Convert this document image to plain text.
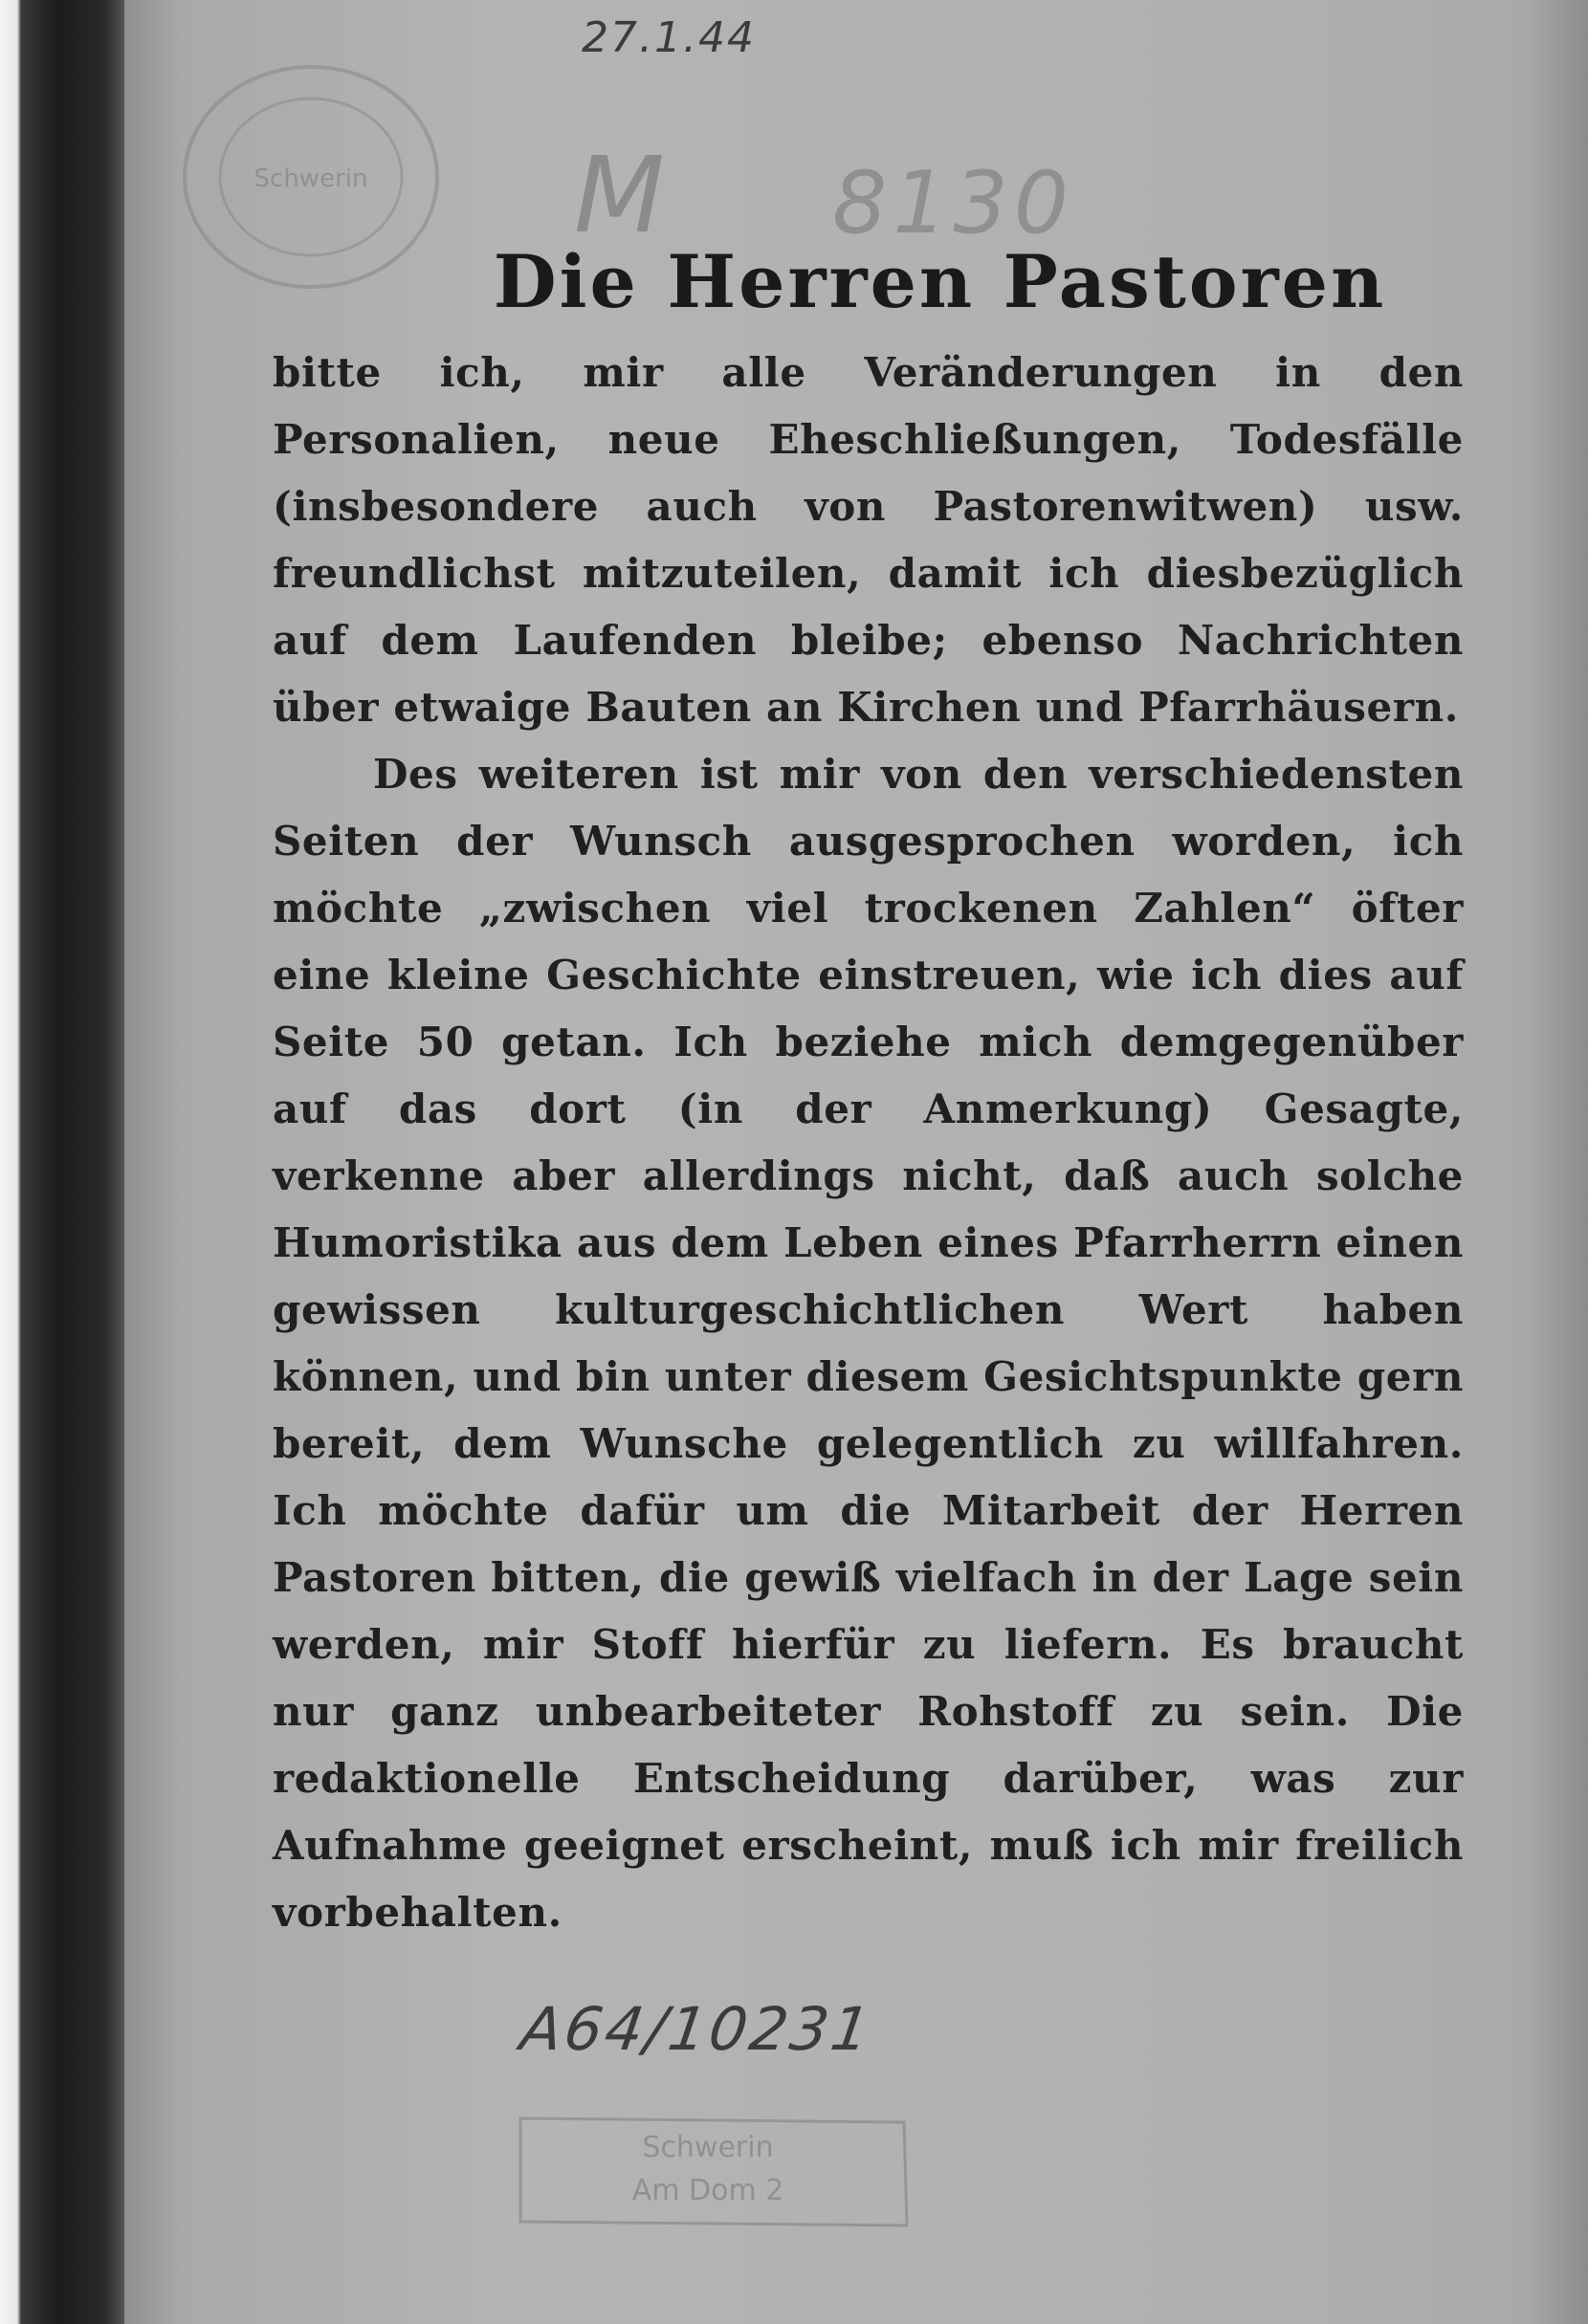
Schwerin M 8130
27.1.44
Die Herren Pastoren

bitte ich, mir alle Veränderungen in den Personalien, neue Eheschließungen, Todesfälle (insbesondere auch von Pastorenwitwen) usw. freundlichst mitzuteilen, damit ich diesbezüglich auf dem Laufenden bleibe; ebenso Nachrichten über etwaige Bauten an Kirchen und Pfarrhäusern.

Des weiteren ist mir von den verschiedensten Seiten der Wunsch ausgesprochen worden, ich möchte „zwischen viel trockenen Zahlen“ öfter eine kleine Geschichte einstreuen, wie ich dies auf Seite 50 getan. Ich beziehe mich demgegenüber auf das dort (in der Anmerkung) Gesagte, verkenne aber allerdings nicht, daß auch solche Humoristika aus dem Leben eines Pfarrherrn einen gewissen kulturgeschichtlichen Wert haben können, und bin unter diesem Gesichtspunkte gern bereit, dem Wunsche gelegentlich zu willfahren. Ich möchte dafür um die Mitarbeit der Herren Pastoren bitten, die gewiß vielfach in der Lage sein werden, mir Stoff hierfür zu liefern. Es braucht nur ganz unbearbeiteter Rohstoff zu sein. Die redaktionelle Entscheidung darüber, was zur Aufnahme geeignet erscheint, muß ich mir freilich vorbehalten.

A64/10231
Schwerin
Am Dom 2
